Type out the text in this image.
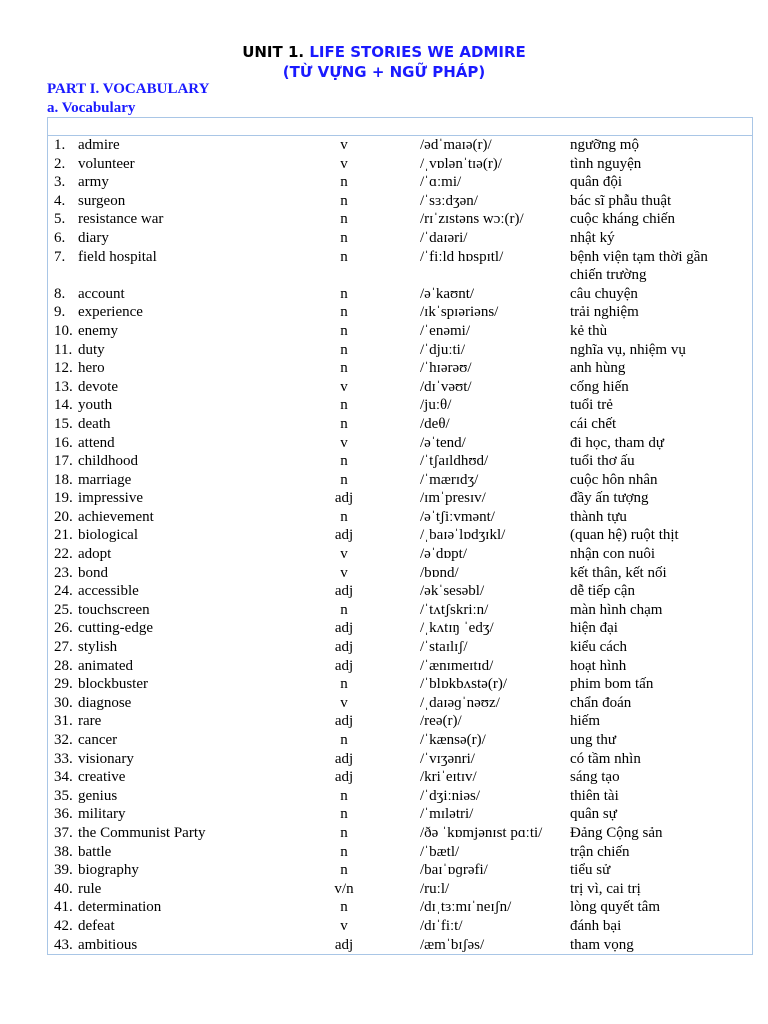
UNIT 1. LIFE STORIES WE ADMIRE
(TỪ VỰNG + NGỮ PHÁP)
PART I. VOCABULARY
a. Vocabulary
1. admire	v	/ədˈmaɪə(r)/	ngưỡng mộ
2. volunteer	v	/ˌvɒlənˈtɪə(r)/	tình nguyện
3. army	n	/ˈɑːmi/	quân đội
4. surgeon	n	/ˈsɜːdʒən/	bác sĩ phẫu thuật
5. resistance war	n	/rɪˈzɪstəns wɔː(r)/	cuộc kháng chiến
6. diary	n	/ˈdaɪəri/	nhật ký
7. field hospital	n	/ˈfiːld hɒspɪtl/	bệnh viện tạm thời gần
chiến trường
8. account	n	/əˈkaʊnt/	câu chuyện
9. experience	n	/ɪkˈspɪəriəns/	trải nghiệm
10. enemy	n	/ˈenəmi/	kẻ thù
11. duty	n	/ˈdjuːti/	nghĩa vụ, nhiệm vụ
12. hero	n	/ˈhɪərəʊ/	anh hùng
13. devote	v	/dɪˈvəʊt/	cống hiến
14. youth	n	/juːθ/	tuổi trẻ
15. death	n	/deθ/	cái chết
16. attend	v	/əˈtend/	đi học, tham dự
17. childhood	n	/ˈtʃaɪldhʊd/	tuổi thơ ấu
18. marriage	n	/ˈmærɪdʒ/	cuộc hôn nhân
19. impressive	adj	/ɪmˈpresɪv/	đầy ấn tượng
20. achievement	n	/əˈtʃiːvmənt/	thành tựu
21. biological	adj	/ˌbaɪəˈlɒdʒɪkl/	(quan hệ) ruột thịt
22. adopt	v	/əˈdɒpt/	nhận con nuôi
23. bond	v	/bɒnd/	kết thân, kết nối
24. accessible	adj	/əkˈsesəbl/	dễ tiếp cận
25. touchscreen	n	/ˈtʌtʃskriːn/	màn hình chạm
26. cutting-edge	adj	/ˌkʌtɪŋ ˈedʒ/	hiện đại
27. stylish	adj	/ˈstaɪlɪʃ/	kiểu cách
28. animated	adj	/ˈænɪmeɪtɪd/	hoạt hình
29. blockbuster	n	/ˈblɒkbʌstə(r)/	phim bom tấn
30. diagnose	v	/ˌdaɪəɡˈnəʊz/	chẩn đoán
31. rare	adj	/reə(r)/	hiếm
32. cancer	n	/ˈkænsə(r)/	ung thư
33. visionary	adj	/ˈvɪʒənri/	có tầm nhìn
34. creative	adj	/kriˈeɪtɪv/	sáng tạo
35. genius	n	/ˈdʒiːniəs/	thiên tài
36. military	n	/ˈmɪlətri/	quân sự
37. the Communist Party	n	/ðə ˈkɒmjənɪst pɑːti/	Đảng Cộng sản
38. battle	n	/ˈbætl/	trận chiến
39. biography	n	/baɪˈɒɡrəfi/	tiểu sử
40. rule	v/n	/ruːl/	trị vì, cai trị
41. determination	n	/dɪˌtɜːmɪˈneɪʃn/	lòng quyết tâm
42. defeat	v	/dɪˈfiːt/	đánh bại
43. ambitious	adj	/æmˈbɪʃəs/	tham vọng
